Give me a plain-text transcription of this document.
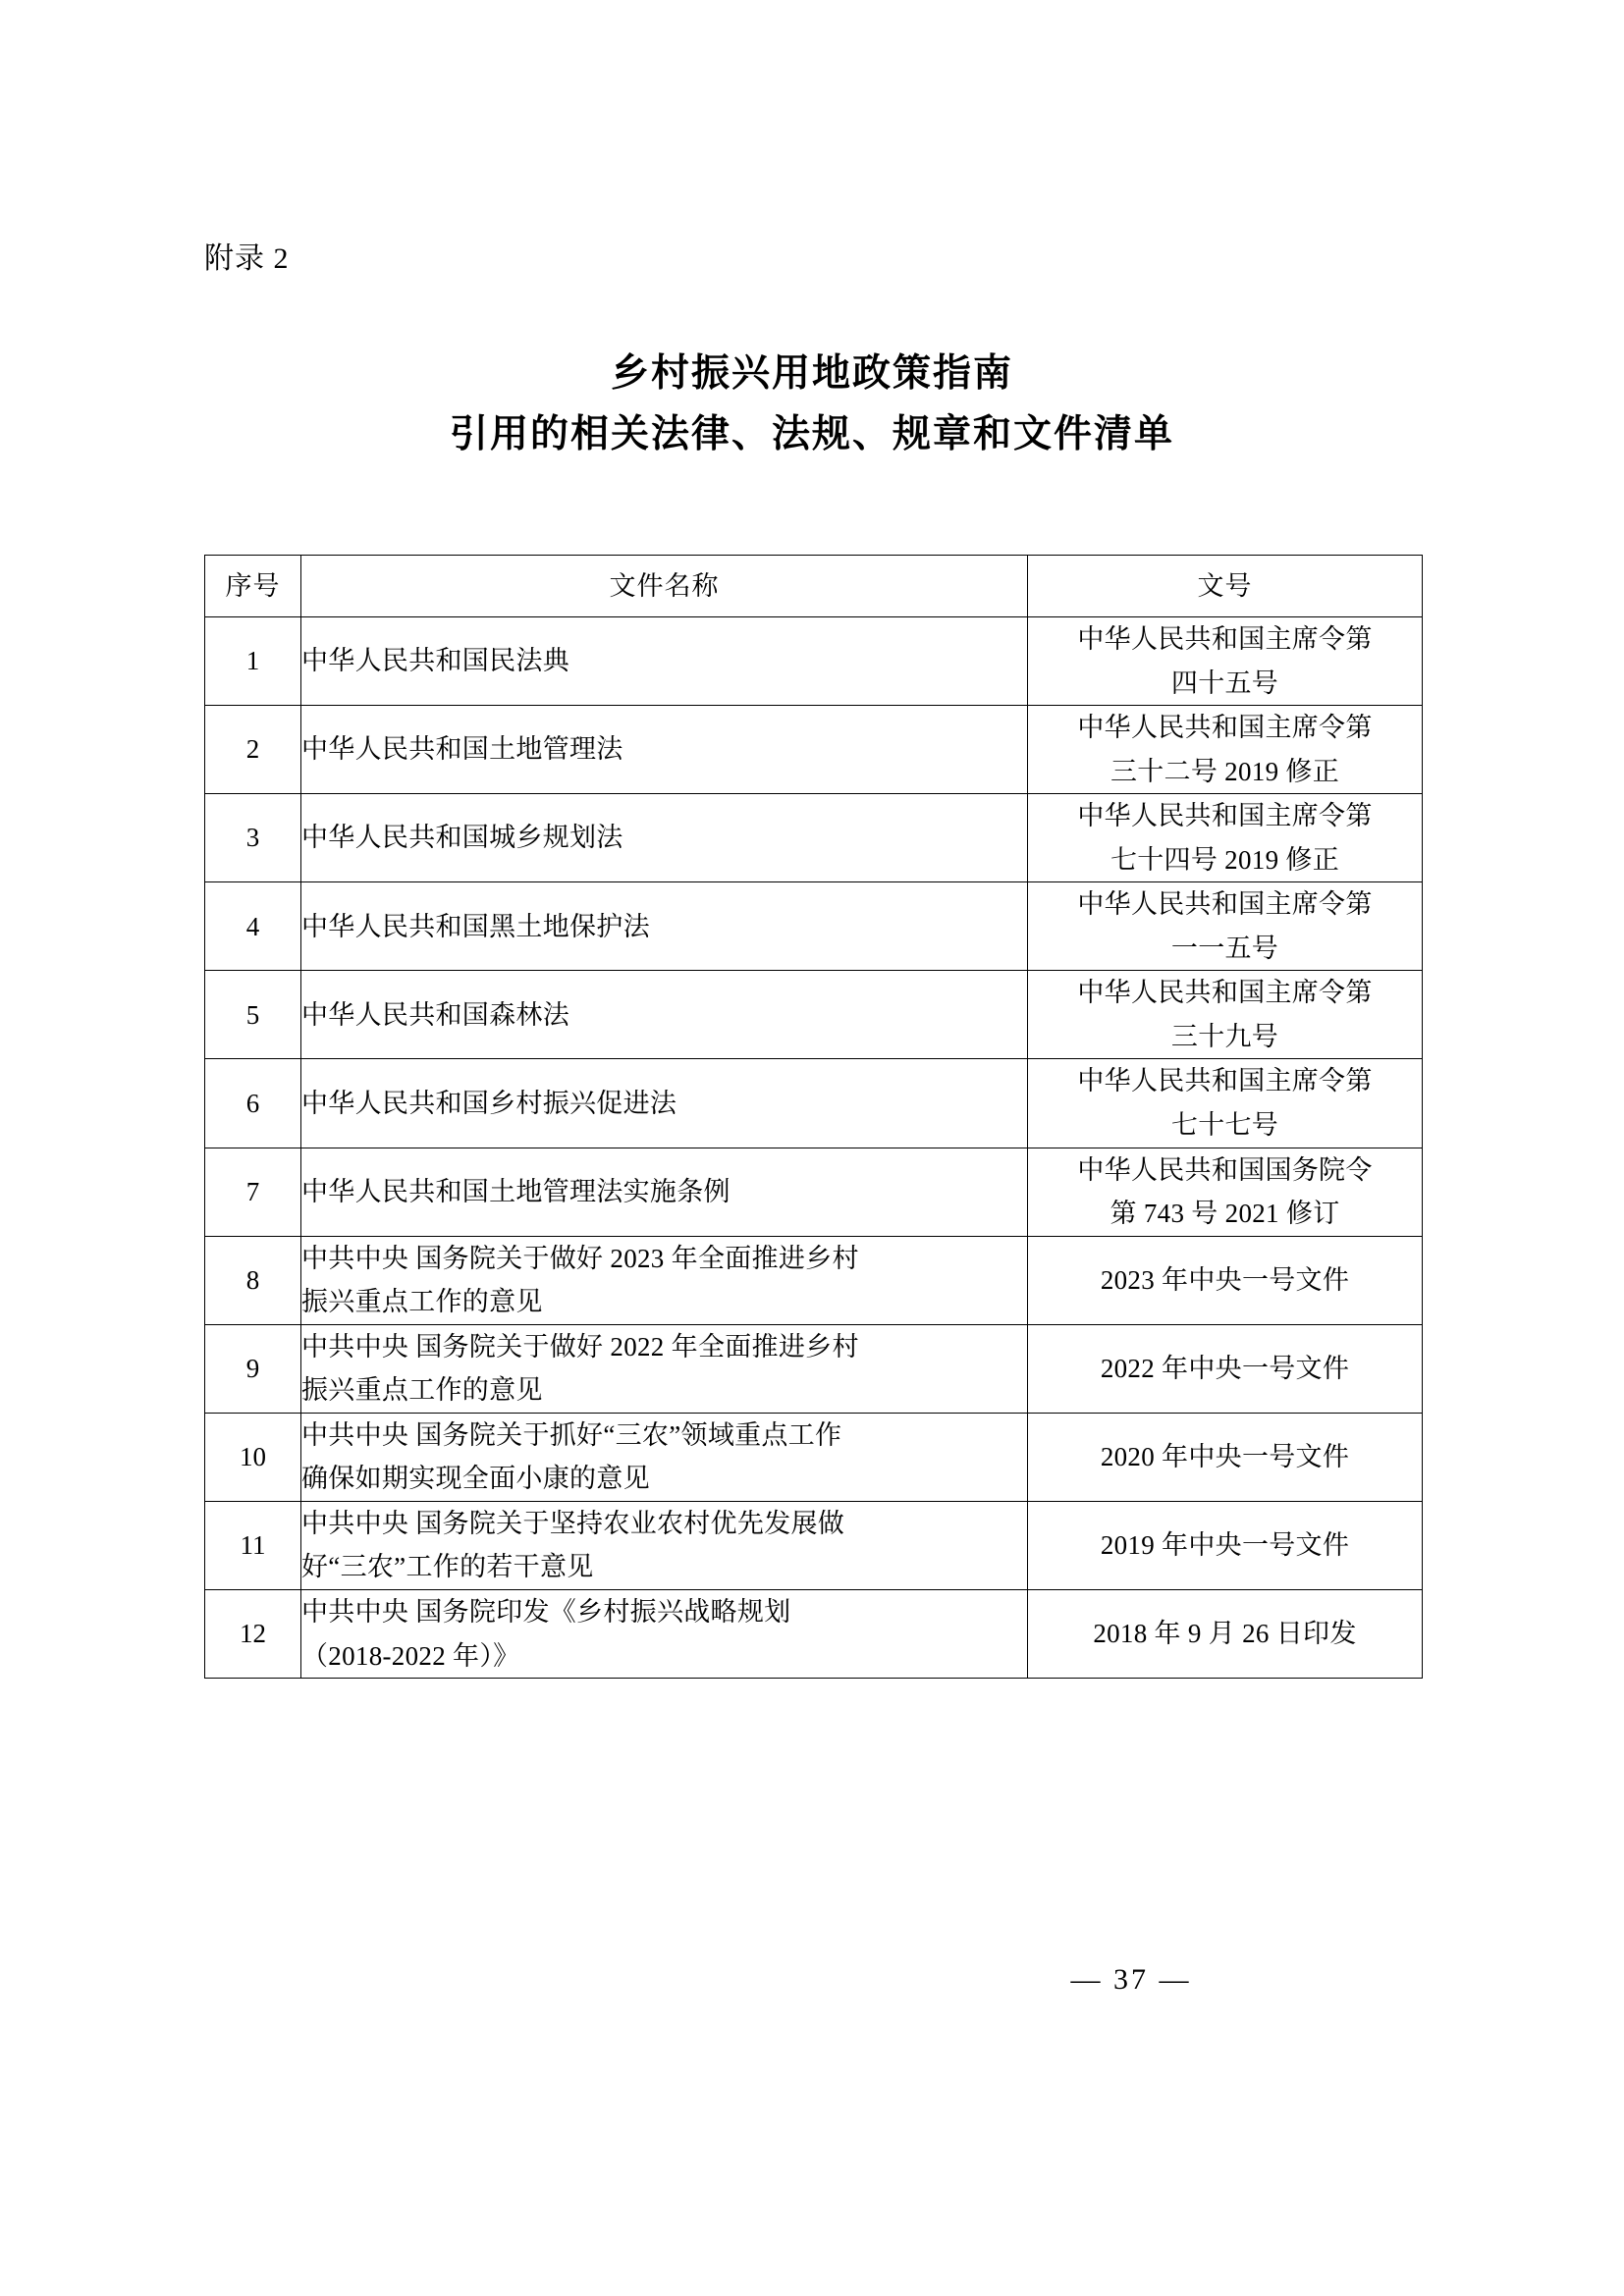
附录 2
乡村振兴用地政策指南
引用的相关法律、法规、规章和文件清单
序号	文件名称	文号
1	中华人民共和国民法典	中华人民共和国主席令第
四十五号

2	中华人民共和国土地管理法	中华人民共和国主席令第
三十二号 2019 修正

3	中华人民共和国城乡规划法	中华人民共和国主席令第
七十四号 2019 修正

4	中华人民共和国黑土地保护法	中华人民共和国主席令第
一一五号

5	中华人民共和国森林法	中华人民共和国主席令第
三十九号

6	中华人民共和国乡村振兴促进法	中华人民共和国主席令第
七十七号

7	中华人民共和国土地管理法实施条例	中华人民共和国国务院令
第 743 号 2021 修订

8	中共中央 国务院关于做好 2023 年全面推进乡村
振兴重点工作的意见	2023 年中央一号文件

9	中共中央 国务院关于做好 2022 年全面推进乡村
振兴重点工作的意见	2022 年中央一号文件

10	中共中央 国务院关于抓好“三农”领域重点工作
确保如期实现全面小康的意见	2020 年中央一号文件

11	中共中央 国务院关于坚持农业农村优先发展做
好“三农”工作的若干意见	2019 年中央一号文件

12	中共中央 国务院印发《乡村振兴战略规划
（2018-2022 年）》	2018 年 9 月 26 日印发
— 37 —
